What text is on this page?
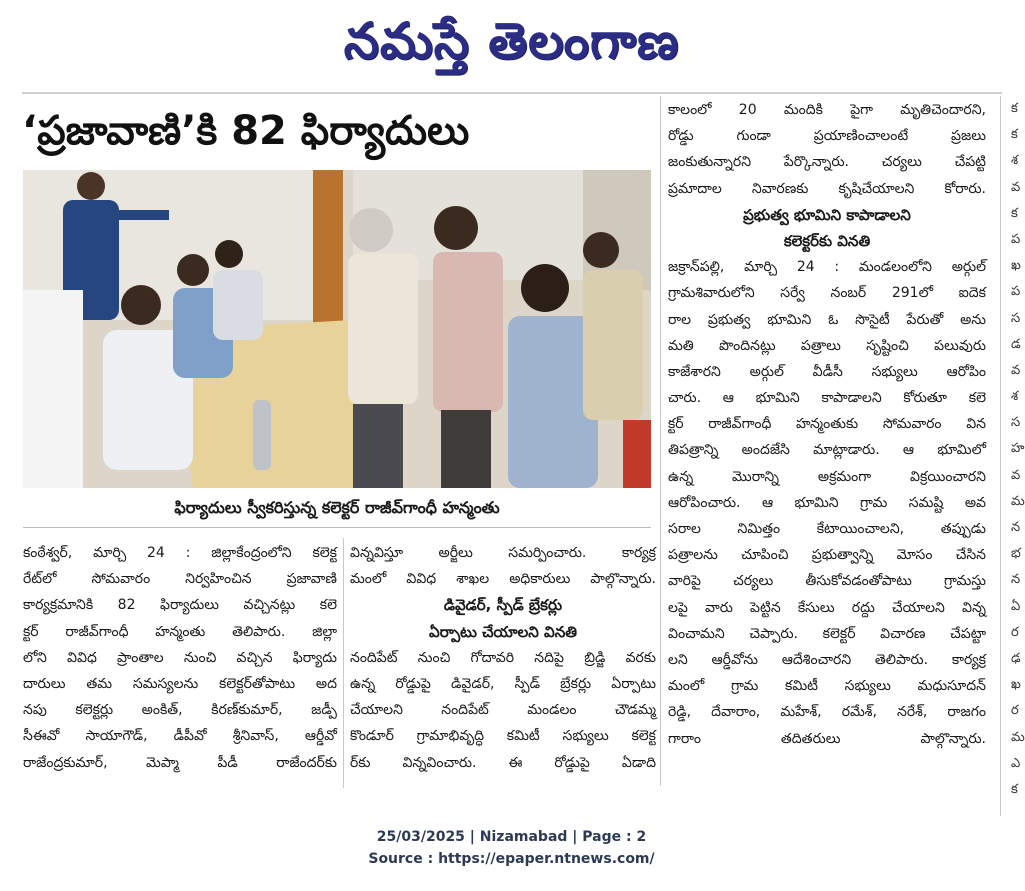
నమస్తే తెలంగాణ
‘ప్రజావాణి’కి 82 ఫిర్యాదులు
ఫిర్యాదులు స్వీకరిస్తున్న కలెక్టర్ రాజీవ్‌గాంధీ హన్మంతు
కంఠేశ్వర్, మార్చి 24 : జిల్లాకేంద్రంలోని కలెక్ట
రేట్‌లో సోమవారం నిర్వహించిన ప్రజావాణి
కార్యక్రమానికి 82 ఫిర్యాదులు వచ్చినట్లు కలె
క్టర్ రాజీవ్‌గాంధీ హన్మంతు తెలిపారు. జిల్లా
లోని వివిధ ప్రాంతాల నుంచి వచ్చిన ఫిర్యాదు
దారులు తమ సమస్యలను కలెక్టర్‌తోపాటు అద
నపు కలెక్టర్లు అంకిత్, కిరణ్‌కుమార్, జడ్పీ
సీఈవో సాయాగౌడ్, డీపీవో శ్రీనివాస్, ఆర్డీవో
రాజేంద్రకుమార్, మెప్మా పీడీ రాజేందర్‌కు
విన్నవిస్తూ అర్జీలు సమర్పించారు. కార్యక్ర
మంలో వివిధ శాఖల అధికారులు పాల్గొన్నారు.
డివైడర్, స్పీడ్ బ్రేకర్లు
ఏర్పాటు చేయాలని వినతి
నందిపేట్ నుంచి గోదావరి నదిపై బ్రిడ్జి వరకు
ఉన్న రోడ్డుపై డివైడర్, స్పీడ్ బ్రేకర్లు ఏర్పాటు
చేయాలని నందిపేట్ మండలం చౌడమ్మ
కొండూర్ గ్రామాభివృద్ధి కమిటీ సభ్యులు కలెక్ట
ర్‌కు విన్నవించారు. ఈ రోడ్డుపై ఏడాది
కాలంలో 20 మందికి పైగా మృతిచెందారని,
రోడ్డు గుండా ప్రయాణించాలంటే ప్రజలు
జంకుతున్నారని పేర్కొన్నారు. చర్యలు చేపట్టి
ప్రమాదాల నివారణకు కృషిచేయాలని కోరారు.
ప్రభుత్వ భూమిని కాపాడాలని
కలెక్టర్‌కు వినతి
జక్రాన్‌పల్లి, మార్చి 24 : మండలంలోని అర్గుల్
గ్రామశివారులోని సర్వే నంబర్ 291లో ఐదెక
రాల ప్రభుత్వ భూమిని ఓ సొసైటీ పేరుతో అను
మతి పొందినట్లు పత్రాలు సృష్టించి పలువురు
కాజేశారని అర్గుల్ వీడీసీ సభ్యులు ఆరోపిం
చారు. ఆ భూమిని కాపాడాలని కోరుతూ కలె
క్టర్ రాజీవ్‌గాంధీ హన్మంతుకు సోమవారం విన
తిపత్రాన్ని అందజేసి మాట్లాడారు. ఆ భూమిలో
ఉన్న మొరాన్ని అక్రమంగా విక్రయించారని
ఆరోపించారు. ఆ భూమిని గ్రామ సమష్టి అవ
సరాల నిమిత్తం కేటాయించాలని, తప్పుడు
పత్రాలను చూపించి ప్రభుత్వాన్ని మోసం చేసిన
వారిపై చర్యలు తీసుకోవడంతోపాటు గ్రామస్తు
లపై వారు పెట్టిన కేసులు రద్దు చేయాలని విన్న
వించామని చెప్పారు. కలెక్టర్ విచారణ చేపట్టా
లని ఆర్డీవోను ఆదేశించారని తెలిపారు. కార్యక్ర
మంలో గ్రామ కమిటీ సభ్యులు మధుసూదన్
రెడ్డి, దేవారాం, మహేశ్, రమేశ్, నరేశ్, రాజగం
గారాం తదితరులు పాల్గొన్నారు.
క
క
శ
వ
క
ప
ఖ
ప
స
డ
వ
శ
స
హ
వ
మ
న
భ
న
ఏ
ర
ఢ
ఖ
ర
మ
ఎ
క
25/03/2025 | Nizamabad | Page : 2
Source : https://epaper.ntnews.com/
